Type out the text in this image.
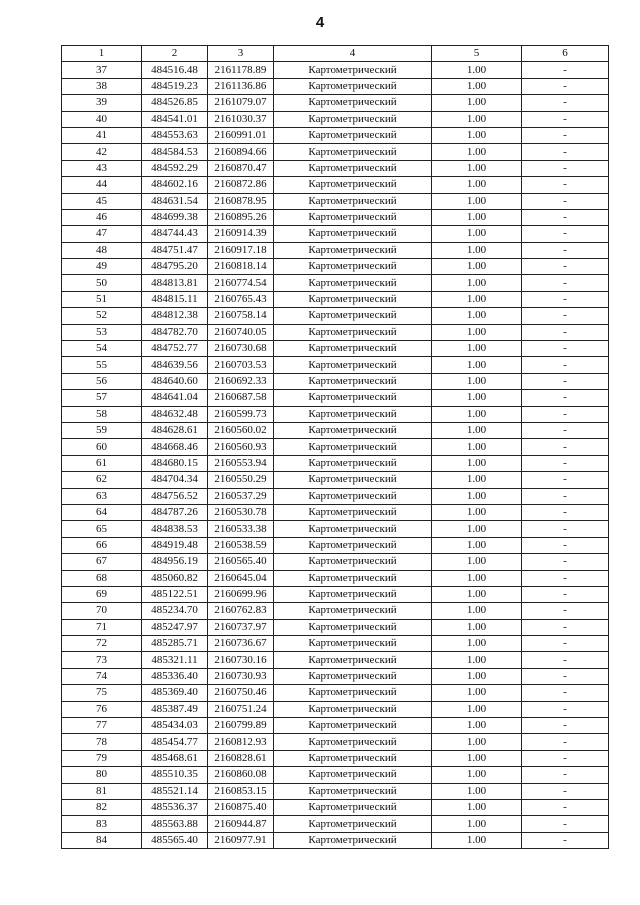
4
1	2	3	4	5	6
37	484516.48	2161178.89	Картометрический	1.00	-
38	484519.23	2161136.86	Картометрический	1.00	-
39	484526.85	2161079.07	Картометрический	1.00	-
40	484541.01	2161030.37	Картометрический	1.00	-
41	484553.63	2160991.01	Картометрический	1.00	-
42	484584.53	2160894.66	Картометрический	1.00	-
43	484592.29	2160870.47	Картометрический	1.00	-
44	484602.16	2160872.86	Картометрический	1.00	-
45	484631.54	2160878.95	Картометрический	1.00	-
46	484699.38	2160895.26	Картометрический	1.00	-
47	484744.43	2160914.39	Картометрический	1.00	-
48	484751.47	2160917.18	Картометрический	1.00	-
49	484795.20	2160818.14	Картометрический	1.00	-
50	484813.81	2160774.54	Картометрический	1.00	-
51	484815.11	2160765.43	Картометрический	1.00	-
52	484812.38	2160758.14	Картометрический	1.00	-
53	484782.70	2160740.05	Картометрический	1.00	-
54	484752.77	2160730.68	Картометрический	1.00	-
55	484639.56	2160703.53	Картометрический	1.00	-
56	484640.60	2160692.33	Картометрический	1.00	-
57	484641.04	2160687.58	Картометрический	1.00	-
58	484632.48	2160599.73	Картометрический	1.00	-
59	484628.61	2160560.02	Картометрический	1.00	-
60	484668.46	2160560.93	Картометрический	1.00	-
61	484680.15	2160553.94	Картометрический	1.00	-
62	484704.34	2160550.29	Картометрический	1.00	-
63	484756.52	2160537.29	Картометрический	1.00	-
64	484787.26	2160530.78	Картометрический	1.00	-
65	484838.53	2160533.38	Картометрический	1.00	-
66	484919.48	2160538.59	Картометрический	1.00	-
67	484956.19	2160565.40	Картометрический	1.00	-
68	485060.82	2160645.04	Картометрический	1.00	-
69	485122.51	2160699.96	Картометрический	1.00	-
70	485234.70	2160762.83	Картометрический	1.00	-
71	485247.97	2160737.97	Картометрический	1.00	-
72	485285.71	2160736.67	Картометрический	1.00	-
73	485321.11	2160730.16	Картометрический	1.00	-
74	485336.40	2160730.93	Картометрический	1.00	-
75	485369.40	2160750.46	Картометрический	1.00	-
76	485387.49	2160751.24	Картометрический	1.00	-
77	485434.03	2160799.89	Картометрический	1.00	-
78	485454.77	2160812.93	Картометрический	1.00	-
79	485468.61	2160828.61	Картометрический	1.00	-
80	485510.35	2160860.08	Картометрический	1.00	-
81	485521.14	2160853.15	Картометрический	1.00	-
82	485536.37	2160875.40	Картометрический	1.00	-
83	485563.88	2160944.87	Картометрический	1.00	-
84	485565.40	2160977.91	Картометрический	1.00	-
